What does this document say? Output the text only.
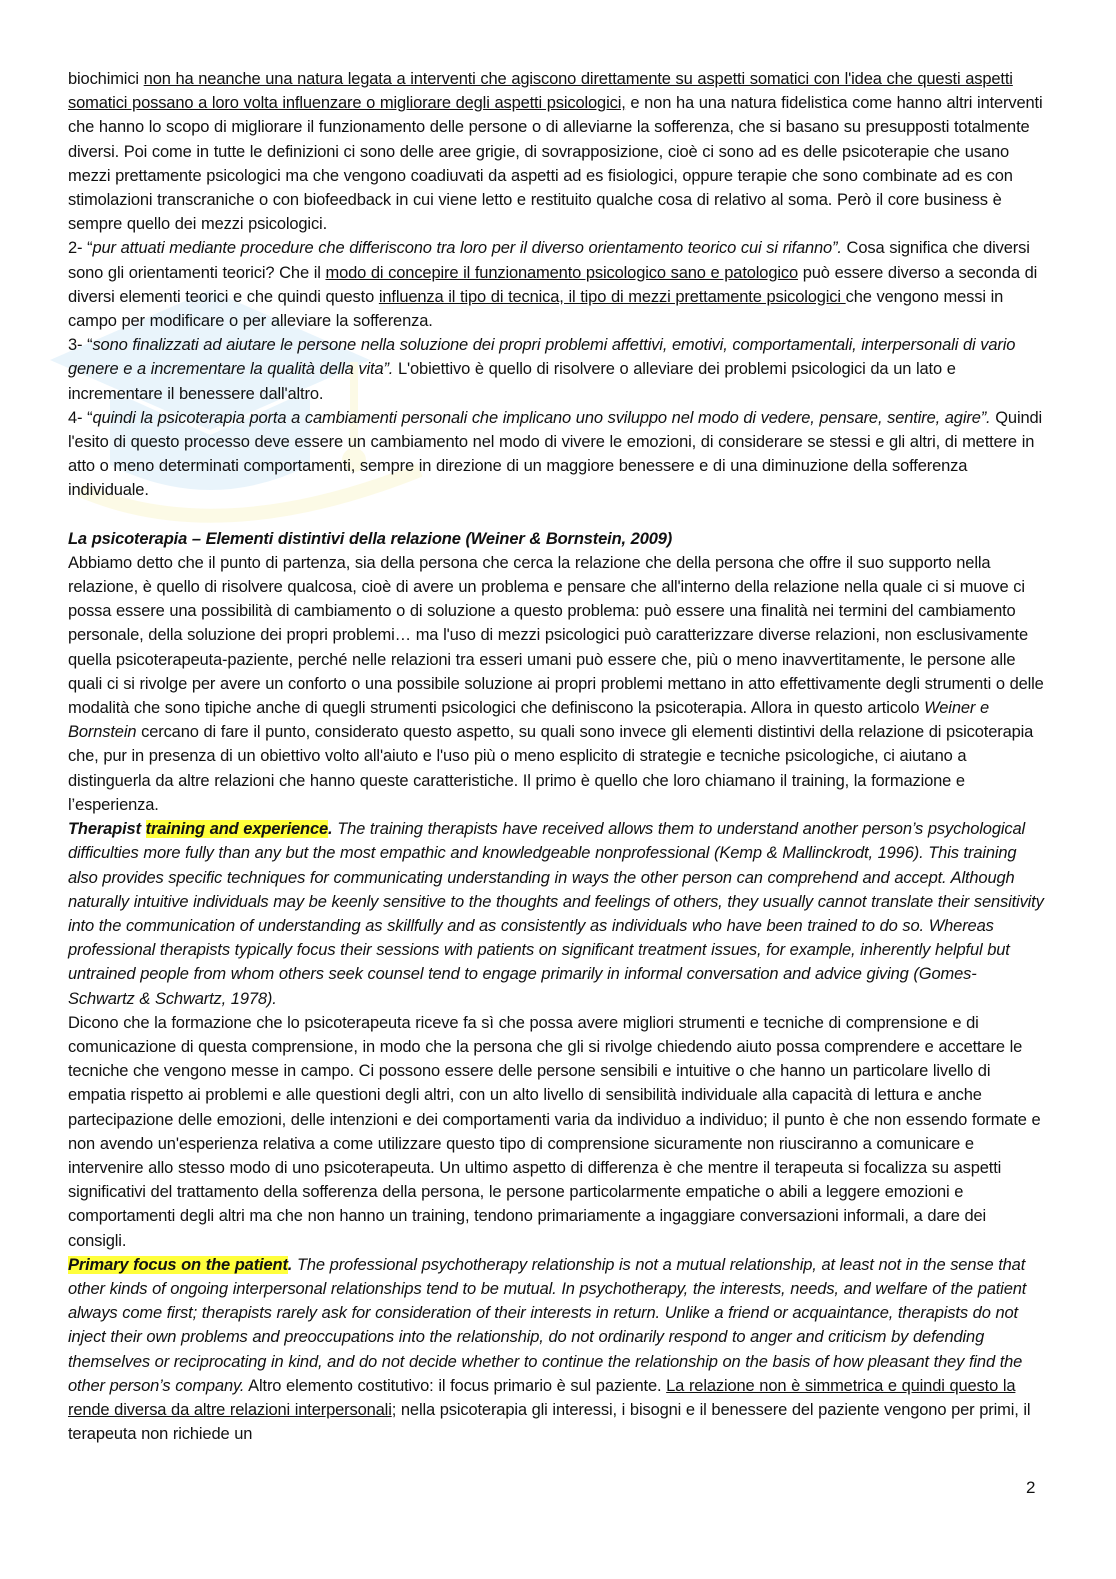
biochimici non ha neanche una natura legata a interventi che agiscono direttamente su aspetti somatici con l'idea che questi aspetti somatici possano a loro volta influenzare o migliorare degli aspetti psicologici, e non ha una natura fidelistica come hanno altri interventi che hanno lo scopo di migliorare il funzionamento delle persone o di alleviarne la sofferenza, che si basano su presupposti totalmente diversi. Poi come in tutte le definizioni ci sono delle aree grigie, di sovrapposizione, cioè ci sono ad es delle psicoterapie che usano mezzi prettamente psicologici ma che vengono coadiuvati da aspetti ad es fisiologici, oppure terapie che sono combinate ad es con stimolazioni transcraniche o con biofeedback in cui viene letto e restituito qualche cosa di relativo al soma. Però il core business è sempre quello dei mezzi psicologici.

2- “pur attuati mediante procedure che differiscono tra loro per il diverso orientamento teorico cui si rifanno”. Cosa significa che diversi sono gli orientamenti teorici? Che il modo di concepire il funzionamento psicologico sano e patologico può essere diverso a seconda di diversi elementi teorici e che quindi questo influenza il tipo di tecnica, il tipo di mezzi prettamente psicologici che vengono messi in campo per modificare o per alleviare la sofferenza.

3- “sono finalizzati ad aiutare le persone nella soluzione dei propri problemi affettivi, emotivi, comportamentali, interpersonali di vario genere e a incrementare la qualità della vita”. L'obiettivo è quello di risolvere o alleviare dei problemi psicologici da un lato e incrementare il benessere dall'altro.

4- “quindi la psicoterapia porta a cambiamenti personali che implicano uno sviluppo nel modo di vedere, pensare, sentire, agire”. Quindi l'esito di questo processo deve essere un cambiamento nel modo di vivere le emozioni, di considerare se stessi e gli altri, di mettere in atto o meno determinati comportamenti, sempre in direzione di un maggiore benessere e di una diminuzione della sofferenza individuale.

La psicoterapia – Elementi distintivi della relazione (Weiner & Bornstein, 2009)

Abbiamo detto che il punto di partenza, sia della persona che cerca la relazione che della persona che offre il suo supporto nella relazione, è quello di risolvere qualcosa, cioè di avere un problema e pensare che all'interno della relazione nella quale ci si muove ci possa essere una possibilità di cambiamento o di soluzione a questo problema: può essere una finalità nei termini del cambiamento personale, della soluzione dei propri problemi… ma l'uso di mezzi psicologici può caratterizzare diverse relazioni, non esclusivamente quella psicoterapeuta-paziente, perché nelle relazioni tra esseri umani può essere che, più o meno inavvertitamente, le persone alle quali ci si rivolge per avere un conforto o una possibile soluzione ai propri problemi mettano in atto effettivamente degli strumenti o delle modalità che sono tipiche anche di quegli strumenti psicologici che definiscono la psicoterapia. Allora in questo articolo Weiner e Bornstein cercano di fare il punto, considerato questo aspetto, su quali sono invece gli elementi distintivi della relazione di psicoterapia che, pur in presenza di un obiettivo volto all'aiuto e l'uso più o meno esplicito di strategie e tecniche psicologiche, ci aiutano a distinguerla da altre relazioni che hanno queste caratteristiche. Il primo è quello che loro chiamano il training, la formazione e l’esperienza.

Therapist training and experience. The training therapists have received allows them to understand another person’s psychological difficulties more fully than any but the most empathic and knowledgeable nonprofessional (Kemp & Mallinckrodt, 1996). This training also provides specific techniques for communicating understanding in ways the other person can comprehend and accept. Although naturally intuitive individuals may be keenly sensitive to the thoughts and feelings of others, they usually cannot translate their sensitivity into the communication of understanding as skillfully and as consistently as individuals who have been trained to do so. Whereas professional therapists typically focus their sessions with patients on significant treatment issues, for example, inherently helpful but untrained people from whom others seek counsel tend to engage primarily in informal conversation and advice giving (Gomes- Schwartz & Schwartz, 1978).

Dicono che la formazione che lo psicoterapeuta riceve fa sì che possa avere migliori strumenti e tecniche di comprensione e di comunicazione di questa comprensione, in modo che la persona che gli si rivolge chiedendo aiuto possa comprendere e accettare le tecniche che vengono messe in campo. Ci possono essere delle persone sensibili e intuitive o che hanno un particolare livello di empatia rispetto ai problemi e alle questioni degli altri, con un alto livello di sensibilità individuale alla capacità di lettura e anche partecipazione delle emozioni, delle intenzioni e dei comportamenti varia da individuo a individuo; il punto è che non essendo formate e non avendo un'esperienza relativa a come utilizzare questo tipo di comprensione sicuramente non riusciranno a comunicare e intervenire allo stesso modo di uno psicoterapeuta. Un ultimo aspetto di differenza è che mentre il terapeuta si focalizza su aspetti significativi del trattamento della sofferenza della persona, le persone particolarmente empatiche o abili a leggere emozioni e comportamenti degli altri ma che non hanno un training, tendono primariamente a ingaggiare conversazioni informali, a dare dei consigli.

Primary focus on the patient. The professional psychotherapy relationship is not a mutual relationship, at least not in the sense that other kinds of ongoing interpersonal relationships tend to be mutual. In psychotherapy, the interests, needs, and welfare of the patient always come first; therapists rarely ask for consideration of their interests in return. Unlike a friend or acquaintance, therapists do not inject their own problems and preoccupations into the relationship, do not ordinarily respond to anger and criticism by defending themselves or reciprocating in kind, and do not decide whether to continue the relationship on the basis of how pleasant they find the other person’s company. Altro elemento costitutivo: il focus primario è sul paziente. La relazione non è simmetrica e quindi questo la rende diversa da altre relazioni interpersonali; nella psicoterapia gli interessi, i bisogni e il benessere del paziente vengono per primi, il terapeuta non richiede un

2
